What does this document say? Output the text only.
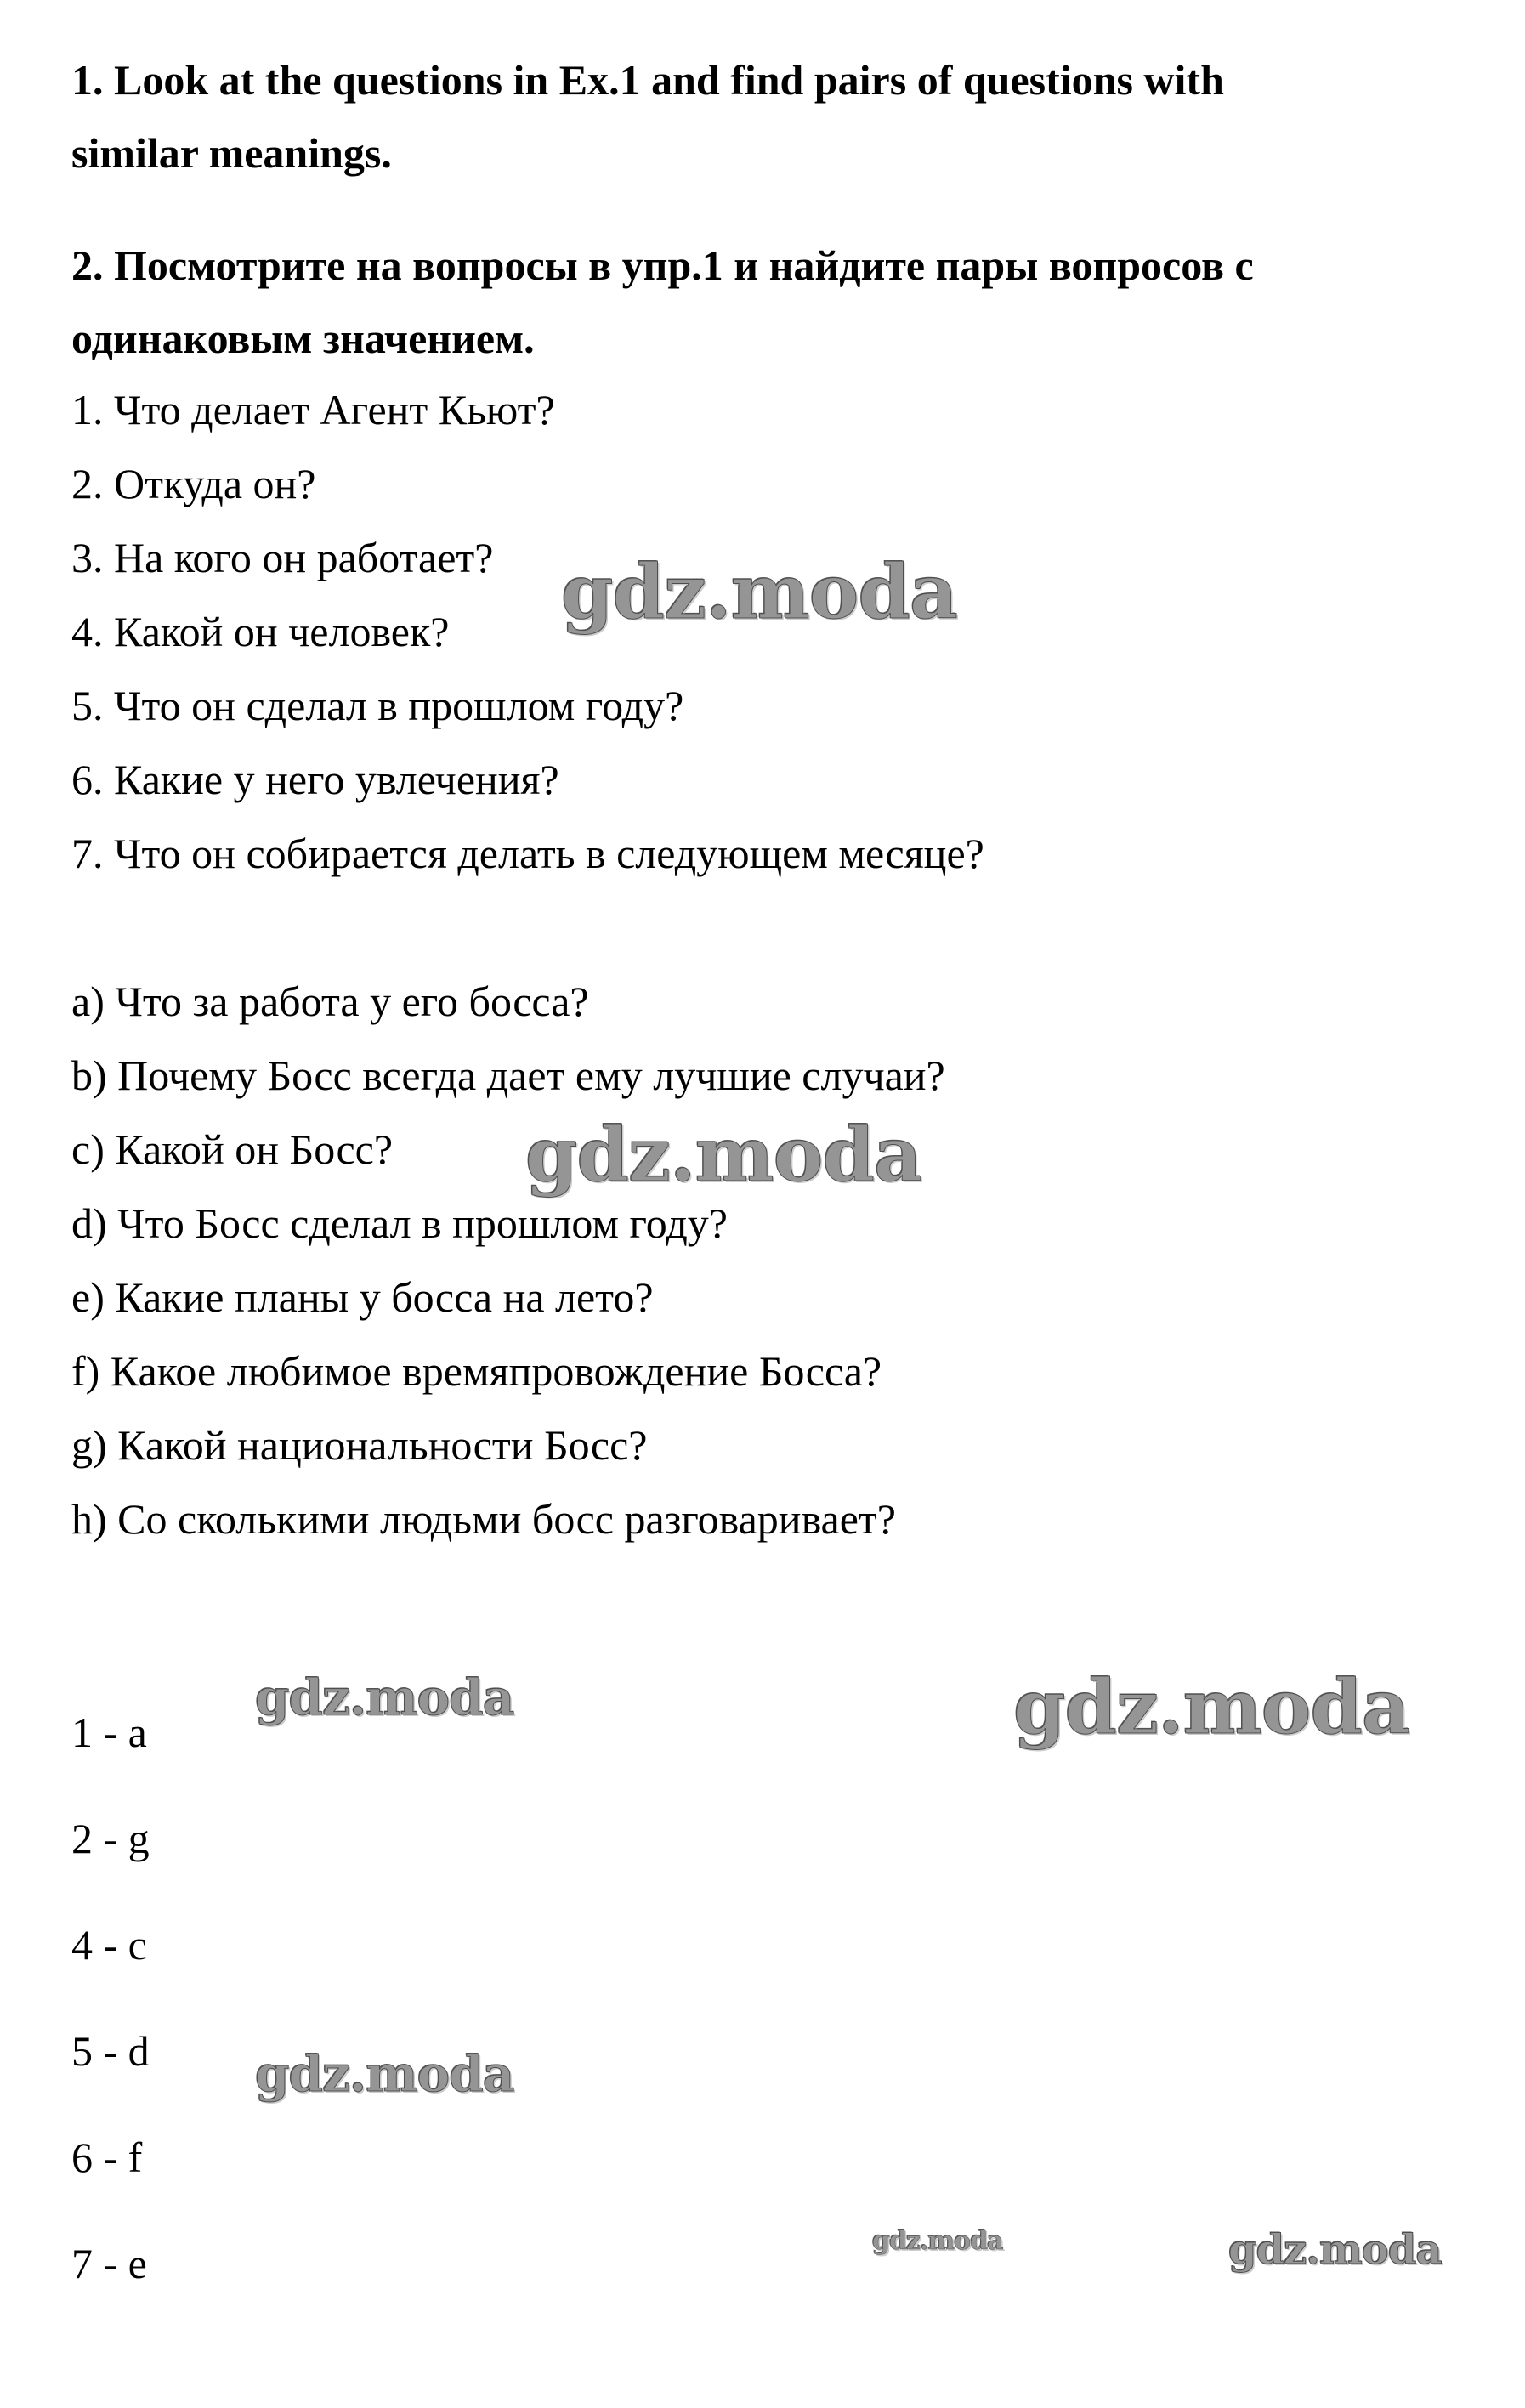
1. Look at the questions in Ex.1 and find pairs of questions with
similar meanings.
2. Посмотрите на вопросы в упр.1 и найдите пары вопросов с
одинаковым значением.
1. Что делает Агент Кьют?
2. Откуда он?
3. На кого он работает?
4. Какой он человек?
5. Что он сделал в прошлом году?
6. Какие у него увлечения?
7. Что он собирается делать в следующем месяце?
a) Что за работа у его босса?
b) Почему Босс всегда дает ему лучшие случаи?
c) Какой он Босс?
d) Что Босс сделал в прошлом году?
e) Какие планы у босса на лето?
f) Какое любимое времяпровождение Босса?
g) Какой национальности Босс?
h) Со сколькими людьми босс разговаривает?
1 - a
2 - g
4 - c
5 - d
6 - f
7 - e
gdz.moda
gdz.moda
gdz.moda	gdz.moda
gdz.moda
gdz.moda	gdz.moda
